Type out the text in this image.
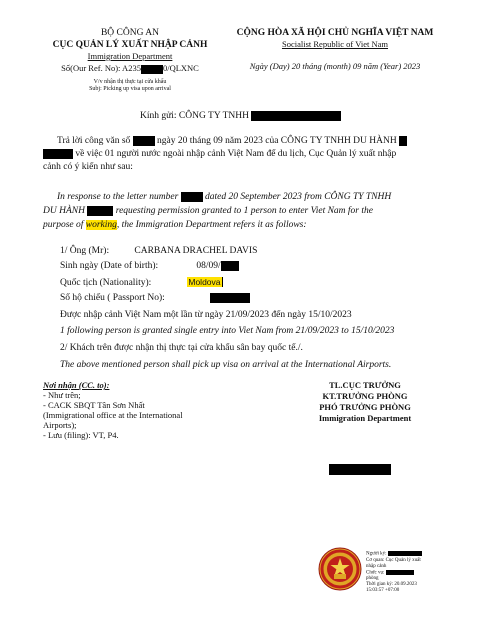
BỘ CÔNG AN
CỤC QUẢN LÝ XUẤT NHẬP CẢNH
Immigration Department
Số(Our Ref. No): A235	0/QLXNC
V/v nhận thị thực tại cửa khẩu
Subj: Picking up visa upon arrival
CỘNG HÒA XÃ HỘI CHỦ NGHĨA VIỆT NAM
Socialist Republic of Viet Nam
Ngày (Day) 20 tháng (month) 09 năm (Year) 2023
Kính gửi: CÔNG TY TNHH

Trả lời công văn số	ngày 20 tháng 09 năm 2023 của CÔNG TY TNHH DU HÀNH

về việc 01 người nước ngoài nhập cảnh Việt Nam để du lịch, Cục Quản lý xuất nhập

cảnh có ý kiến như sau:

In response to the letter number	dated 20 September 2023 from CÔNG TY TNHH

DU HÀNH	requesting permission granted to 1 person to enter Viet Nam for the

purpose of working, the Immigration Department refers it as follows:

1/ Ông (Mr):	CARBANA DRACHEL DAVIS
Sinh ngày (Date of birth):	08/09/
Quốc tịch (Nationality):	Moldova
Số hộ chiếu ( Passport No):
Được nhập cảnh Việt Nam một lần từ ngày 21/09/2023 đến ngày 15/10/2023
1 following person is granted single entry into Viet Nam from 21/09/2023 to 15/10/2023
2/ Khách trên được nhận thị thực tại cửa khẩu sân bay quốc tế./.
The above mentioned person shall pick up visa on arrival at the International Airports.
Nơi nhận (CC. to):
- Như trên;
- CACK SBQT Tân Sơn Nhất
(Immigrational office at the International
Airports);
- Lưu (filing): VT, P4.
TL.CỤC TRƯỞNG
KT.TRƯỞNG PHÒNG
PHÓ TRƯỞNG PHÒNG
Immigration Department
Người ký:
Cơ quan: Cục Quản lý xuất
nhập cảnh
Chức vụ:
phòng
Thời gian ký: 20.09.2023
15:03:57 +07:00
